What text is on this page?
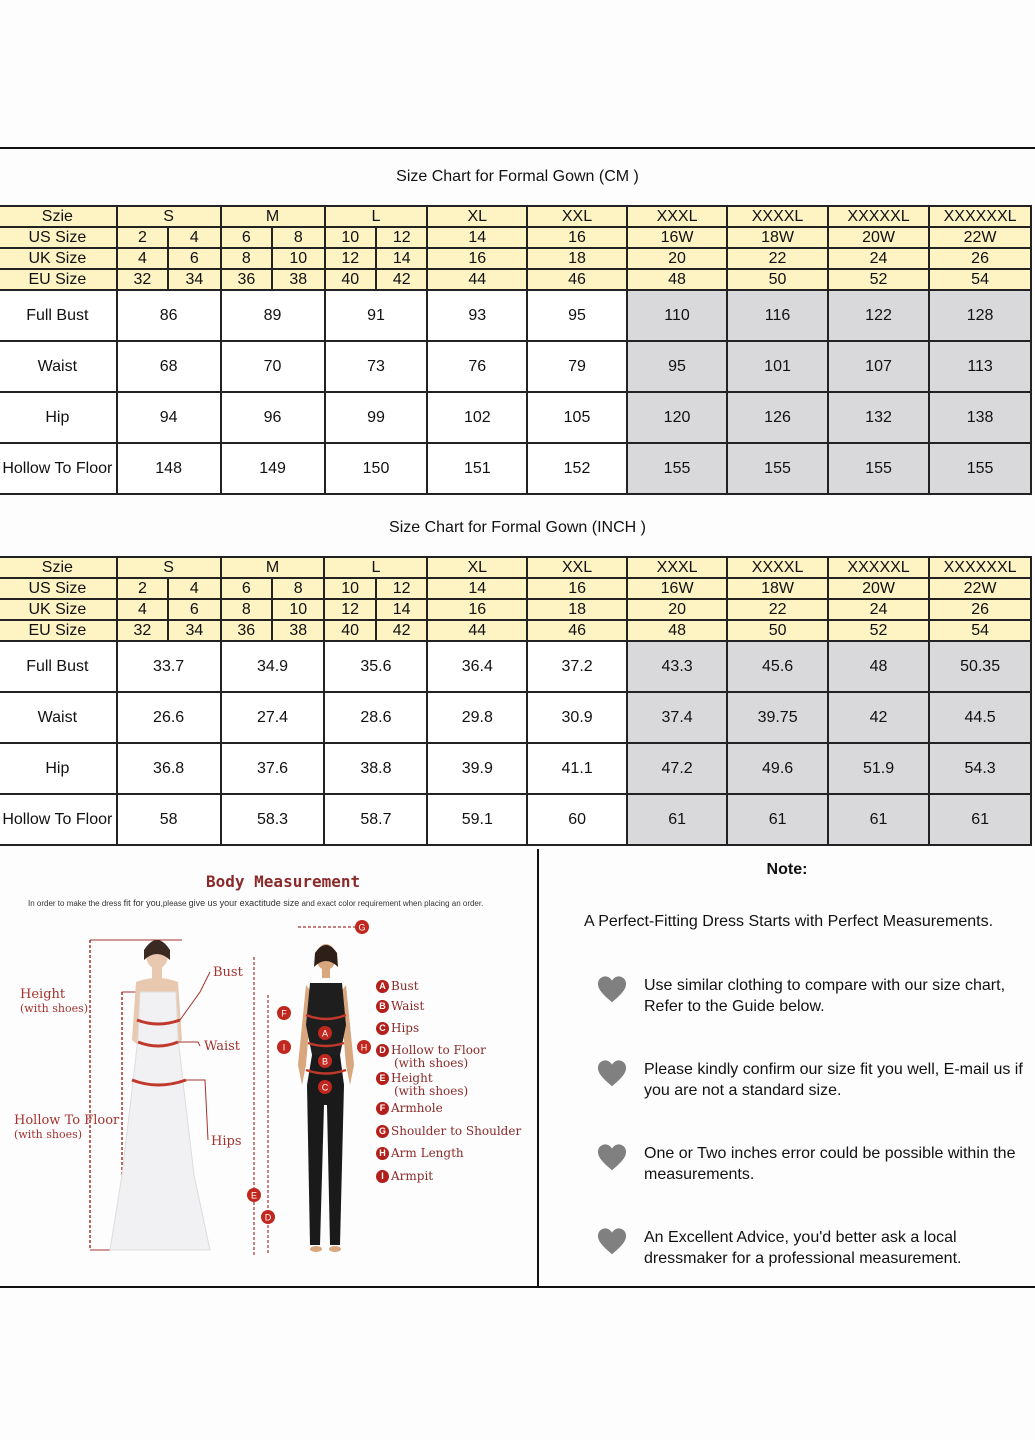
Size Chart for Formal Gown (CM )
Szie	S		M		L		XL	XXL	XXXL	XXXXL	XXXXXL	XXXXXXL
US Size	2	4	6	8	10	12	14	16	16W	18W	20W	22W
UK Size	4	6	8	10	12	14	16	18	20	22	24	26
EU Size	32	34	36	38	40	42	44	46	48	50	52	54
Full Bust	86		89		91		93	95	110	116	122	128
Waist	68		70		73		76	79	95	101	107	113
Hip	94		96		99		102	105	120	126	132	138
Hollow To Floor	148		149		150		151	152	155	155	155	155
Size Chart for Formal Gown (INCH )
Szie	S		M		L		XL	XXL	XXXL	XXXXL	XXXXXL	XXXXXXL
US Size	2	4	6	8	10	12	14	16	16W	18W	20W	22W
UK Size	4	6	8	10	12	14	16	18	20	22	24	26
EU Size	32	34	36	38	40	42	44	46	48	50	52	54
Full Bust	33.7		34.9		35.6		36.4	37.2	43.3	45.6	48	50.35
Waist	26.6		27.4		28.6		29.8	30.9	37.4	39.75	42	44.5
Hip	36.8		37.6		38.8		39.9	41.1	47.2	49.6	51.9	54.3
Hollow To Floor	58		58.3		58.7		59.1	60	61	61	61	61
Body Measurement
In order to make the dress fit for you,please give us your exactitude size and exact color requirement when placing an order.
Height
(with shoes)
Hollow To Floor
(with shoes)
Bust
Waist
Hips
A
B
C
D
E
F
G
H
I
A Bust
B Waist
C Hips
D Hollow to Floor
(with shoes)
E Height
(with shoes)
F Armhole
G Shoulder to Shoulder
H Arm Length
I Armpit
Note:
A Perfect-Fitting Dress Starts with Perfect Measurements.
Use similar clothing to compare with our size chart,
Refer to the Guide below.
Please kindly confirm our size fit you well, E-mail us if
you are not a standard size.
One or Two inches error could be possible within the
measurements.
An Excellent Advice, you'd better ask a local
dressmaker for a professional measurement.
